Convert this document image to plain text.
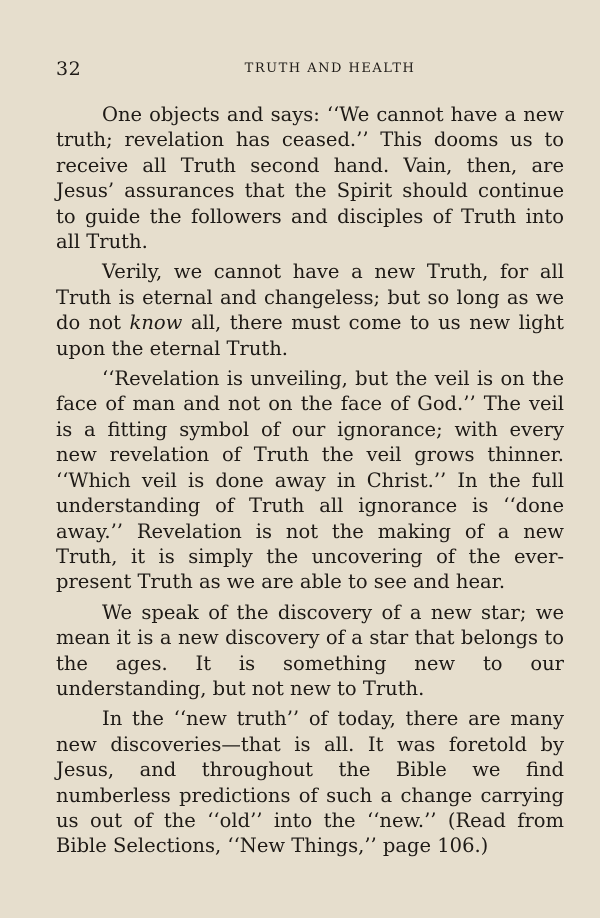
32	TRUTH AND HEALTH

One objects and says: ‘‘We cannot have a new truth; revelation has ceased.’’ This dooms us to receive all Truth second hand. Vain, then, are Jesus’ assurances that the Spirit should continue to guide the followers and disciples of Truth into all Truth.

Verily, we cannot have a new Truth, for all Truth is eternal and changeless; but so long as we do not know all, there must come to us new light upon the eternal Truth.

‘‘Revelation is unveiling, but the veil is on the face of man and not on the face of God.’’ The veil is a fitting symbol of our ignorance; with every new revelation of Truth the veil grows thinner. ‘‘Which veil is done away in Christ.’’ In the full understanding of Truth all ignorance is ‘‘done away.’’ Revelation is not the making of a new Truth, it is simply the uncovering of the ever-present Truth as we are able to see and hear.

We speak of the discovery of a new star; we mean it is a new discovery of a star that belongs to the ages. It is something new to our understanding, but not new to Truth.

In the ‘‘new truth’’ of today, there are many new discoveries—that is all. It was foretold by Jesus, and throughout the Bible we find numberless predictions of such a change carrying us out of the ‘‘old’’ into the ‘‘new.’’ (Read from Bible Selections, ‘‘New Things,’’ page 106.)
